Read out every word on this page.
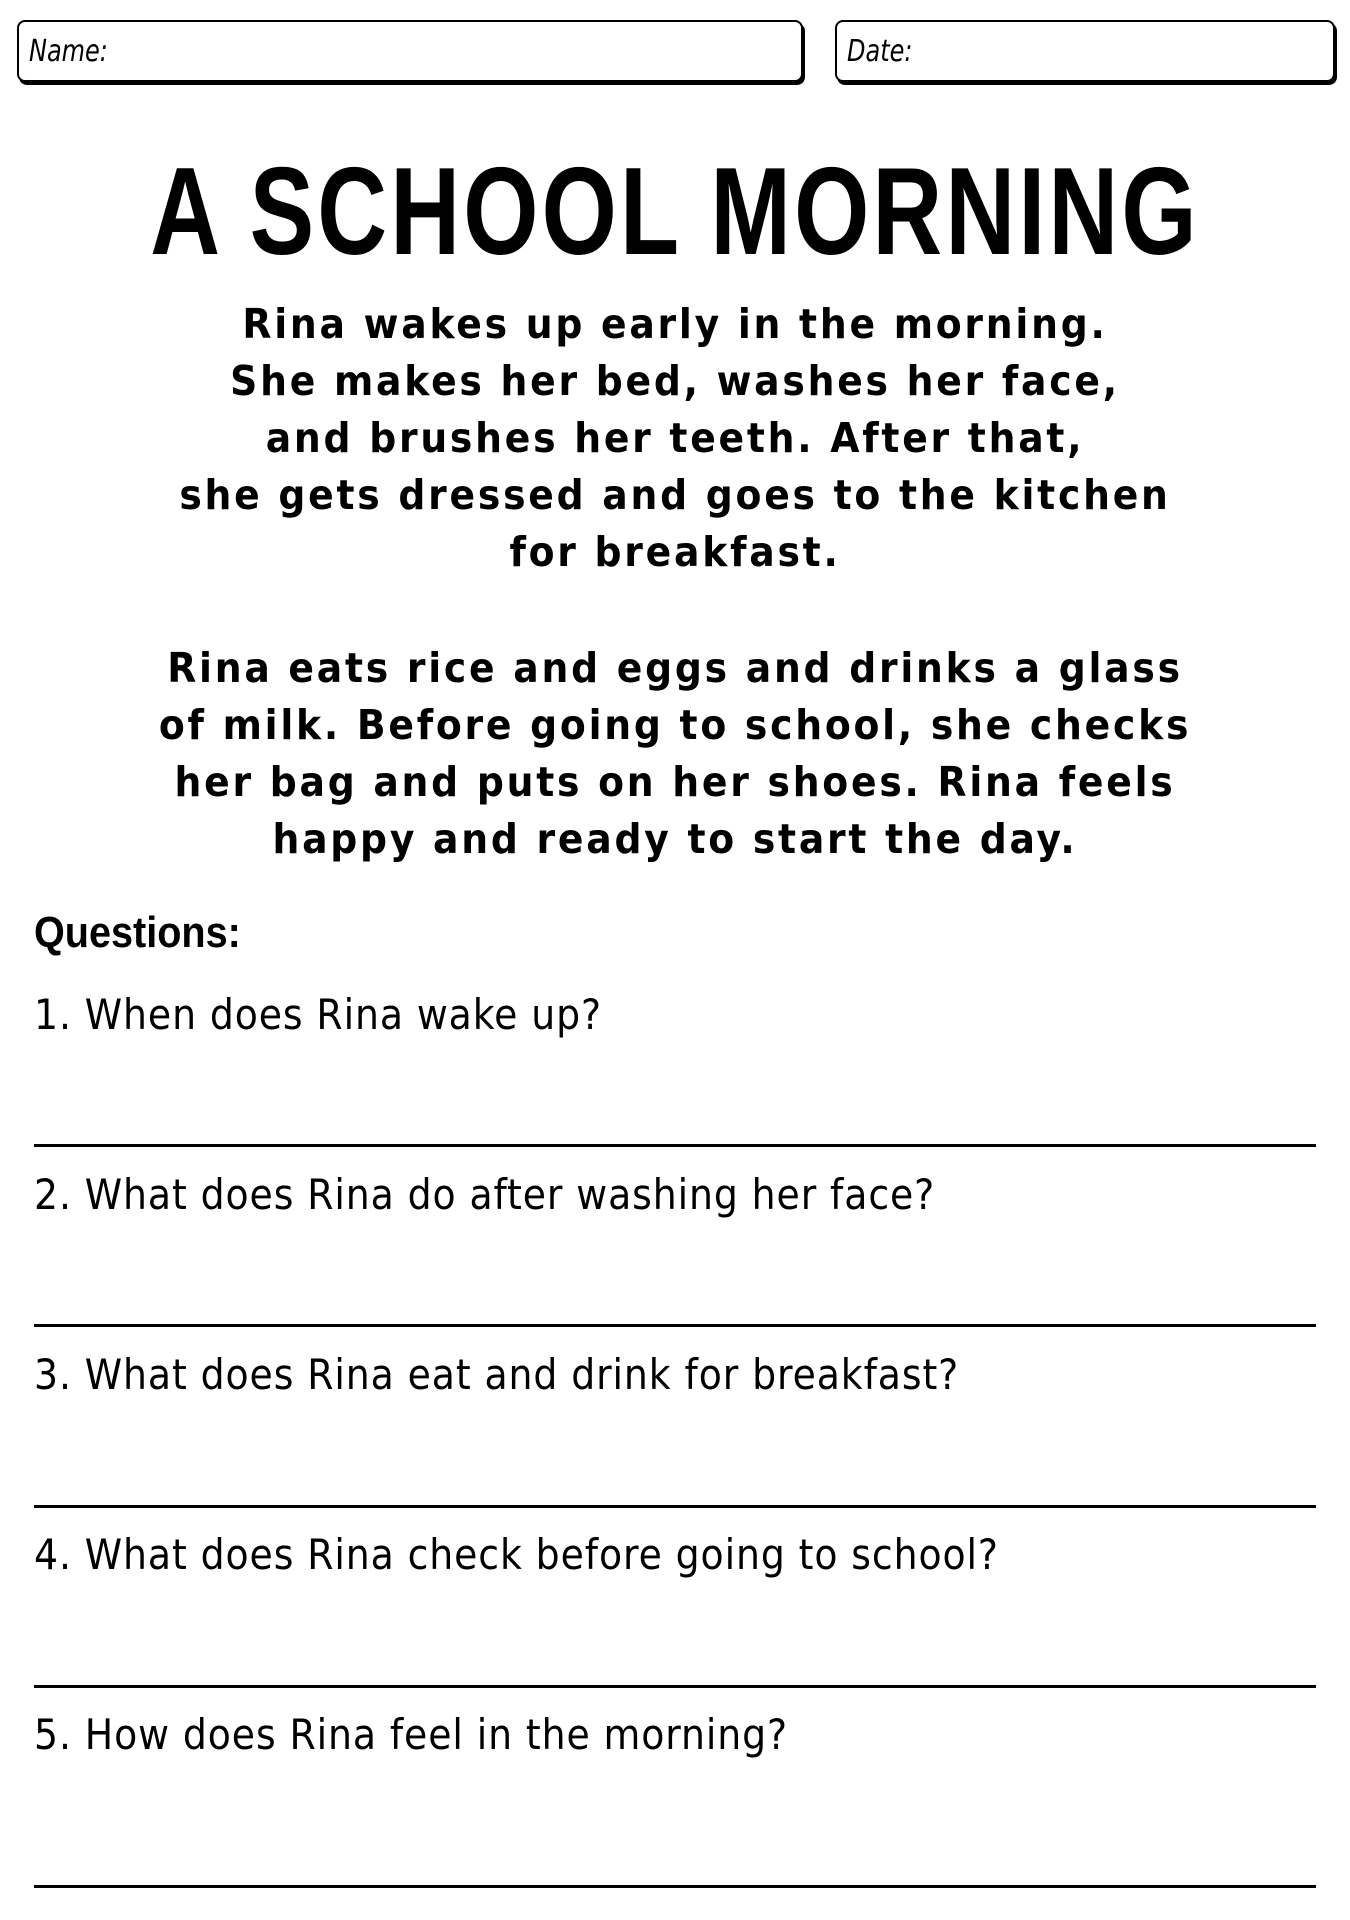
Name:	Date:
A SCHOOL MORNING
Rina wakes up early in the morning.
She makes her bed, washes her face,
and brushes her teeth. After that,
she gets dressed and goes to the kitchen
for breakfast.
Rina eats rice and eggs and drinks a glass
of milk. Before going to school, she checks
her bag and puts on her shoes. Rina feels
happy and ready to start the day.
Questions:
1. When does Rina wake up?
2. What does Rina do after washing her face?
3. What does Rina eat and drink for breakfast?
4. What does Rina check before going to school?
5. How does Rina feel in the morning?
